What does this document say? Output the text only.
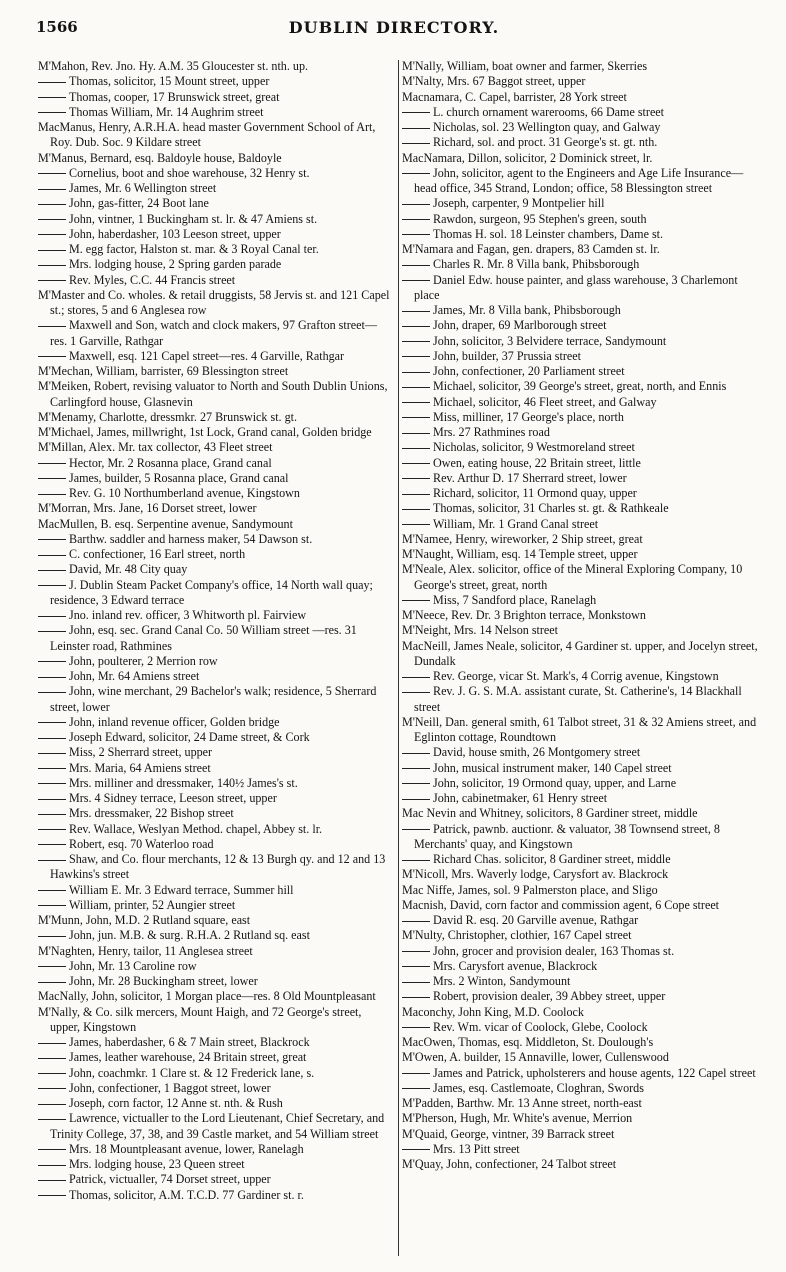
1566	DUBLIN DIRECTORY.
M'Mahon, Rev. Jno. Hy. A.M. 35 Gloucester st. nth. up.
Thomas, solicitor, 15 Mount street, upper
Thomas, cooper, 17 Brunswick street, great
Thomas William, Mr. 14 Aughrim street
MacManus, Henry, A.R.H.A. head master Government School of Art, Roy. Dub. Soc. 9 Kildare street
M'Manus, Bernard, esq. Baldoyle house, Baldoyle
Cornelius, boot and shoe warehouse, 32 Henry st.
James, Mr. 6 Wellington street
John, gas-fitter, 24 Boot lane
John, vintner, 1 Buckingham st. lr. & 47 Amiens st.
John, haberdasher, 103 Leeson street, upper
M. egg factor, Halston st. mar. & 3 Royal Canal ter.
Mrs. lodging house, 2 Spring garden parade
Rev. Myles, C.C. 44 Francis street
M'Master and Co. wholes. & retail druggists, 58 Jervis st. and 121 Capel st.; stores, 5 and 6 Anglesea row
Maxwell and Son, watch and clock makers, 97 Grafton street—res. 1 Garville, Rathgar
Maxwell, esq. 121 Capel street—res. 4 Garville, Rathgar
M'Mechan, William, barrister, 69 Blessington street
M'Meiken, Robert, revising valuator to North and South Dublin Unions, Carlingford house, Glasnevin
M'Menamy, Charlotte, dressmkr. 27 Brunswick st. gt.
M'Michael, James, millwright, 1st Lock, Grand canal, Golden bridge
M'Millan, Alex. Mr. tax collector, 43 Fleet street
Hector, Mr. 2 Rosanna place, Grand canal
James, builder, 5 Rosanna place, Grand canal
Rev. G. 10 Northumberland avenue, Kingstown
M'Morran, Mrs. Jane, 16 Dorset street, lower
MacMullen, B. esq. Serpentine avenue, Sandymount
Barthw. saddler and harness maker, 54 Dawson st.
C. confectioner, 16 Earl street, north
David, Mr. 48 City quay
J. Dublin Steam Packet Company's office, 14 North wall quay; residence, 3 Edward terrace
Jno. inland rev. officer, 3 Whitworth pl. Fairview
John, esq. sec. Grand Canal Co. 50 William street —res. 31 Leinster road, Rathmines
John, poulterer, 2 Merrion row
John, Mr. 64 Amiens street
John, wine merchant, 29 Bachelor's walk; residence, 5 Sherrard street, lower
John, inland revenue officer, Golden bridge
Joseph Edward, solicitor, 24 Dame street, & Cork
Miss, 2 Sherrard street, upper
Mrs. Maria, 64 Amiens street
Mrs. milliner and dressmaker, 140½ James's st.
Mrs. 4 Sidney terrace, Leeson street, upper
Mrs. dressmaker, 22 Bishop street
Rev. Wallace, Weslyan Method. chapel, Abbey st. lr.
Robert, esq. 70 Waterloo road
Shaw, and Co. flour merchants, 12 & 13 Burgh qy. and 12 and 13 Hawkins's street
William E. Mr. 3 Edward terrace, Summer hill
William, printer, 52 Aungier street
M'Munn, John, M.D. 2 Rutland square, east
John, jun. M.B. & surg. R.H.A. 2 Rutland sq. east
M'Naghten, Henry, tailor, 11 Anglesea street
John, Mr. 13 Caroline row
John, Mr. 28 Buckingham street, lower
MacNally, John, solicitor, 1 Morgan place—res. 8 Old Mountpleasant
M'Nally, & Co. silk mercers, Mount Haigh, and 72 George's street, upper, Kingstown
James, haberdasher, 6 & 7 Main street, Blackrock
James, leather warehouse, 24 Britain street, great
John, coachmkr. 1 Clare st. & 12 Frederick lane, s.
John, confectioner, 1 Baggot street, lower
Joseph, corn factor, 12 Anne st. nth. & Rush
Lawrence, victualler to the Lord Lieutenant, Chief Secretary, and Trinity College, 37, 38, and 39 Castle market, and 54 William street
Mrs. 18 Mountpleasant avenue, lower, Ranelagh
Mrs. lodging house, 23 Queen street
Patrick, victualler, 74 Dorset street, upper
Thomas, solicitor, A.M. T.C.D. 77 Gardiner st. r.
M'Nally, William, boat owner and farmer, Skerries
M'Nalty, Mrs. 67 Baggot street, upper
Macnamara, C. Capel, barrister, 28 York street
L. church ornament warerooms, 66 Dame street
Nicholas, sol. 23 Wellington quay, and Galway
Richard, sol. and proct. 31 George's st. gt. nth.
MacNamara, Dillon, solicitor, 2 Dominick street, lr.
John, solicitor, agent to the Engineers and Age Life Insurance—head office, 345 Strand, London; office, 58 Blessington street
Joseph, carpenter, 9 Montpelier hill
Rawdon, surgeon, 95 Stephen's green, south
Thomas H. sol. 18 Leinster chambers, Dame st.
M'Namara and Fagan, gen. drapers, 83 Camden st. lr.
Charles R. Mr. 8 Villa bank, Phibsborough
Daniel Edw. house painter, and glass warehouse, 3 Charlemont place
James, Mr. 8 Villa bank, Phibsborough
John, draper, 69 Marlborough street
John, solicitor, 3 Belvidere terrace, Sandymount
John, builder, 37 Prussia street
John, confectioner, 20 Parliament street
Michael, solicitor, 39 George's street, great, north, and Ennis
Michael, solicitor, 46 Fleet street, and Galway
Miss, milliner, 17 George's place, north
Mrs. 27 Rathmines road
Nicholas, solicitor, 9 Westmoreland street
Owen, eating house, 22 Britain street, little
Rev. Arthur D. 17 Sherrard street, lower
Richard, solicitor, 11 Ormond quay, upper
Thomas, solicitor, 31 Charles st. gt. & Rathkeale
William, Mr. 1 Grand Canal street
M'Namee, Henry, wireworker, 2 Ship street, great
M'Naught, William, esq. 14 Temple street, upper
M'Neale, Alex. solicitor, office of the Mineral Exploring Company, 10 George's street, great, north
Miss, 7 Sandford place, Ranelagh
M'Neece, Rev. Dr. 3 Brighton terrace, Monkstown
M'Neight, Mrs. 14 Nelson street
MacNeill, James Neale, solicitor, 4 Gardiner st. upper, and Jocelyn street, Dundalk
Rev. George, vicar St. Mark's, 4 Corrig avenue, Kingstown
Rev. J. G. S. M.A. assistant curate, St. Catherine's, 14 Blackhall street
M'Neill, Dan. general smith, 61 Talbot street, 31 & 32 Amiens street, and Eglinton cottage, Roundtown
David, house smith, 26 Montgomery street
John, musical instrument maker, 140 Capel street
John, solicitor, 19 Ormond quay, upper, and Larne
John, cabinetmaker, 61 Henry street
Mac Nevin and Whitney, solicitors, 8 Gardiner street, middle
Patrick, pawnb. auctionr. & valuator, 38 Townsend street, 8 Merchants' quay, and Kingstown
Richard Chas. solicitor, 8 Gardiner street, middle
M'Nicoll, Mrs. Waverly lodge, Carysfort av. Blackrock
Mac Niffe, James, sol. 9 Palmerston place, and Sligo
Macnish, David, corn factor and commission agent, 6 Cope street
David R. esq. 20 Garville avenue, Rathgar
M'Nulty, Christopher, clothier, 167 Capel street
John, grocer and provision dealer, 163 Thomas st.
Mrs. Carysfort avenue, Blackrock
Mrs. 2 Winton, Sandymount
Robert, provision dealer, 39 Abbey street, upper
Maconchy, John King, M.D. Coolock
Rev. Wm. vicar of Coolock, Glebe, Coolock
MacOwen, Thomas, esq. Middleton, St. Doulough's
M'Owen, A. builder, 15 Annaville, lower, Cullenswood
James and Patrick, upholsterers and house agents, 122 Capel street
James, esq. Castlemoate, Cloghran, Swords
M'Padden, Barthw. Mr. 13 Anne street, north-east
M'Pherson, Hugh, Mr. White's avenue, Merrion
M'Quaid, George, vintner, 39 Barrack street
Mrs. 13 Pitt street
M'Quay, John, confectioner, 24 Talbot street
